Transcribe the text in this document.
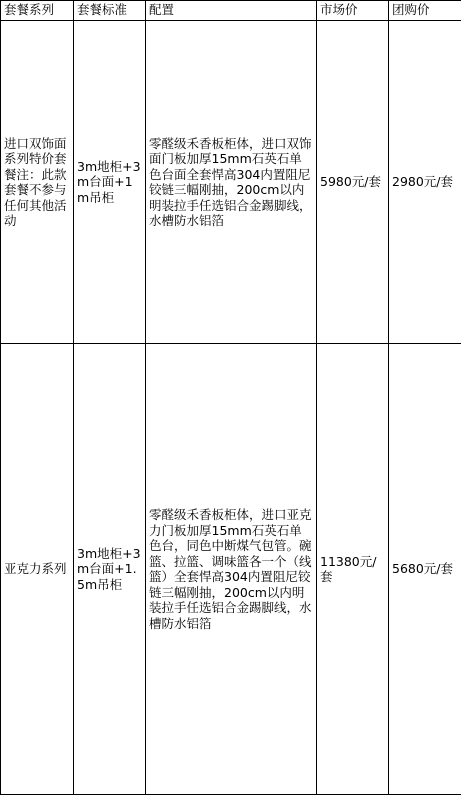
套餐系列	套餐标准	配置	市场价	团购价
进口双饰面系列特价套餐注：此款套餐不参与任何其他活动	3m地柜+3m台面+1m吊柜	零醛级禾香板柜体，进口双饰面门板加厚15mm石英石单色台面全套悍高304内置阻尼铰链三幅刚抽，200cm以内明装拉手任选铝合金踢脚线，水槽防水铝箔	5980元/套	2980元/套
亚克力系列	3m地柜+3m台面+1.5m吊柜	零醛级禾香板柜体，进口亚克力门板加厚15mm石英石单色台，同色中断煤气包管。碗篮、拉篮、调味篮各一个（线篮）全套悍高304内置阻尼铰链三幅刚抽，200cm以内明装拉手任选铝合金踢脚线，水槽防水铝箔	11380元/套	5680元/套
